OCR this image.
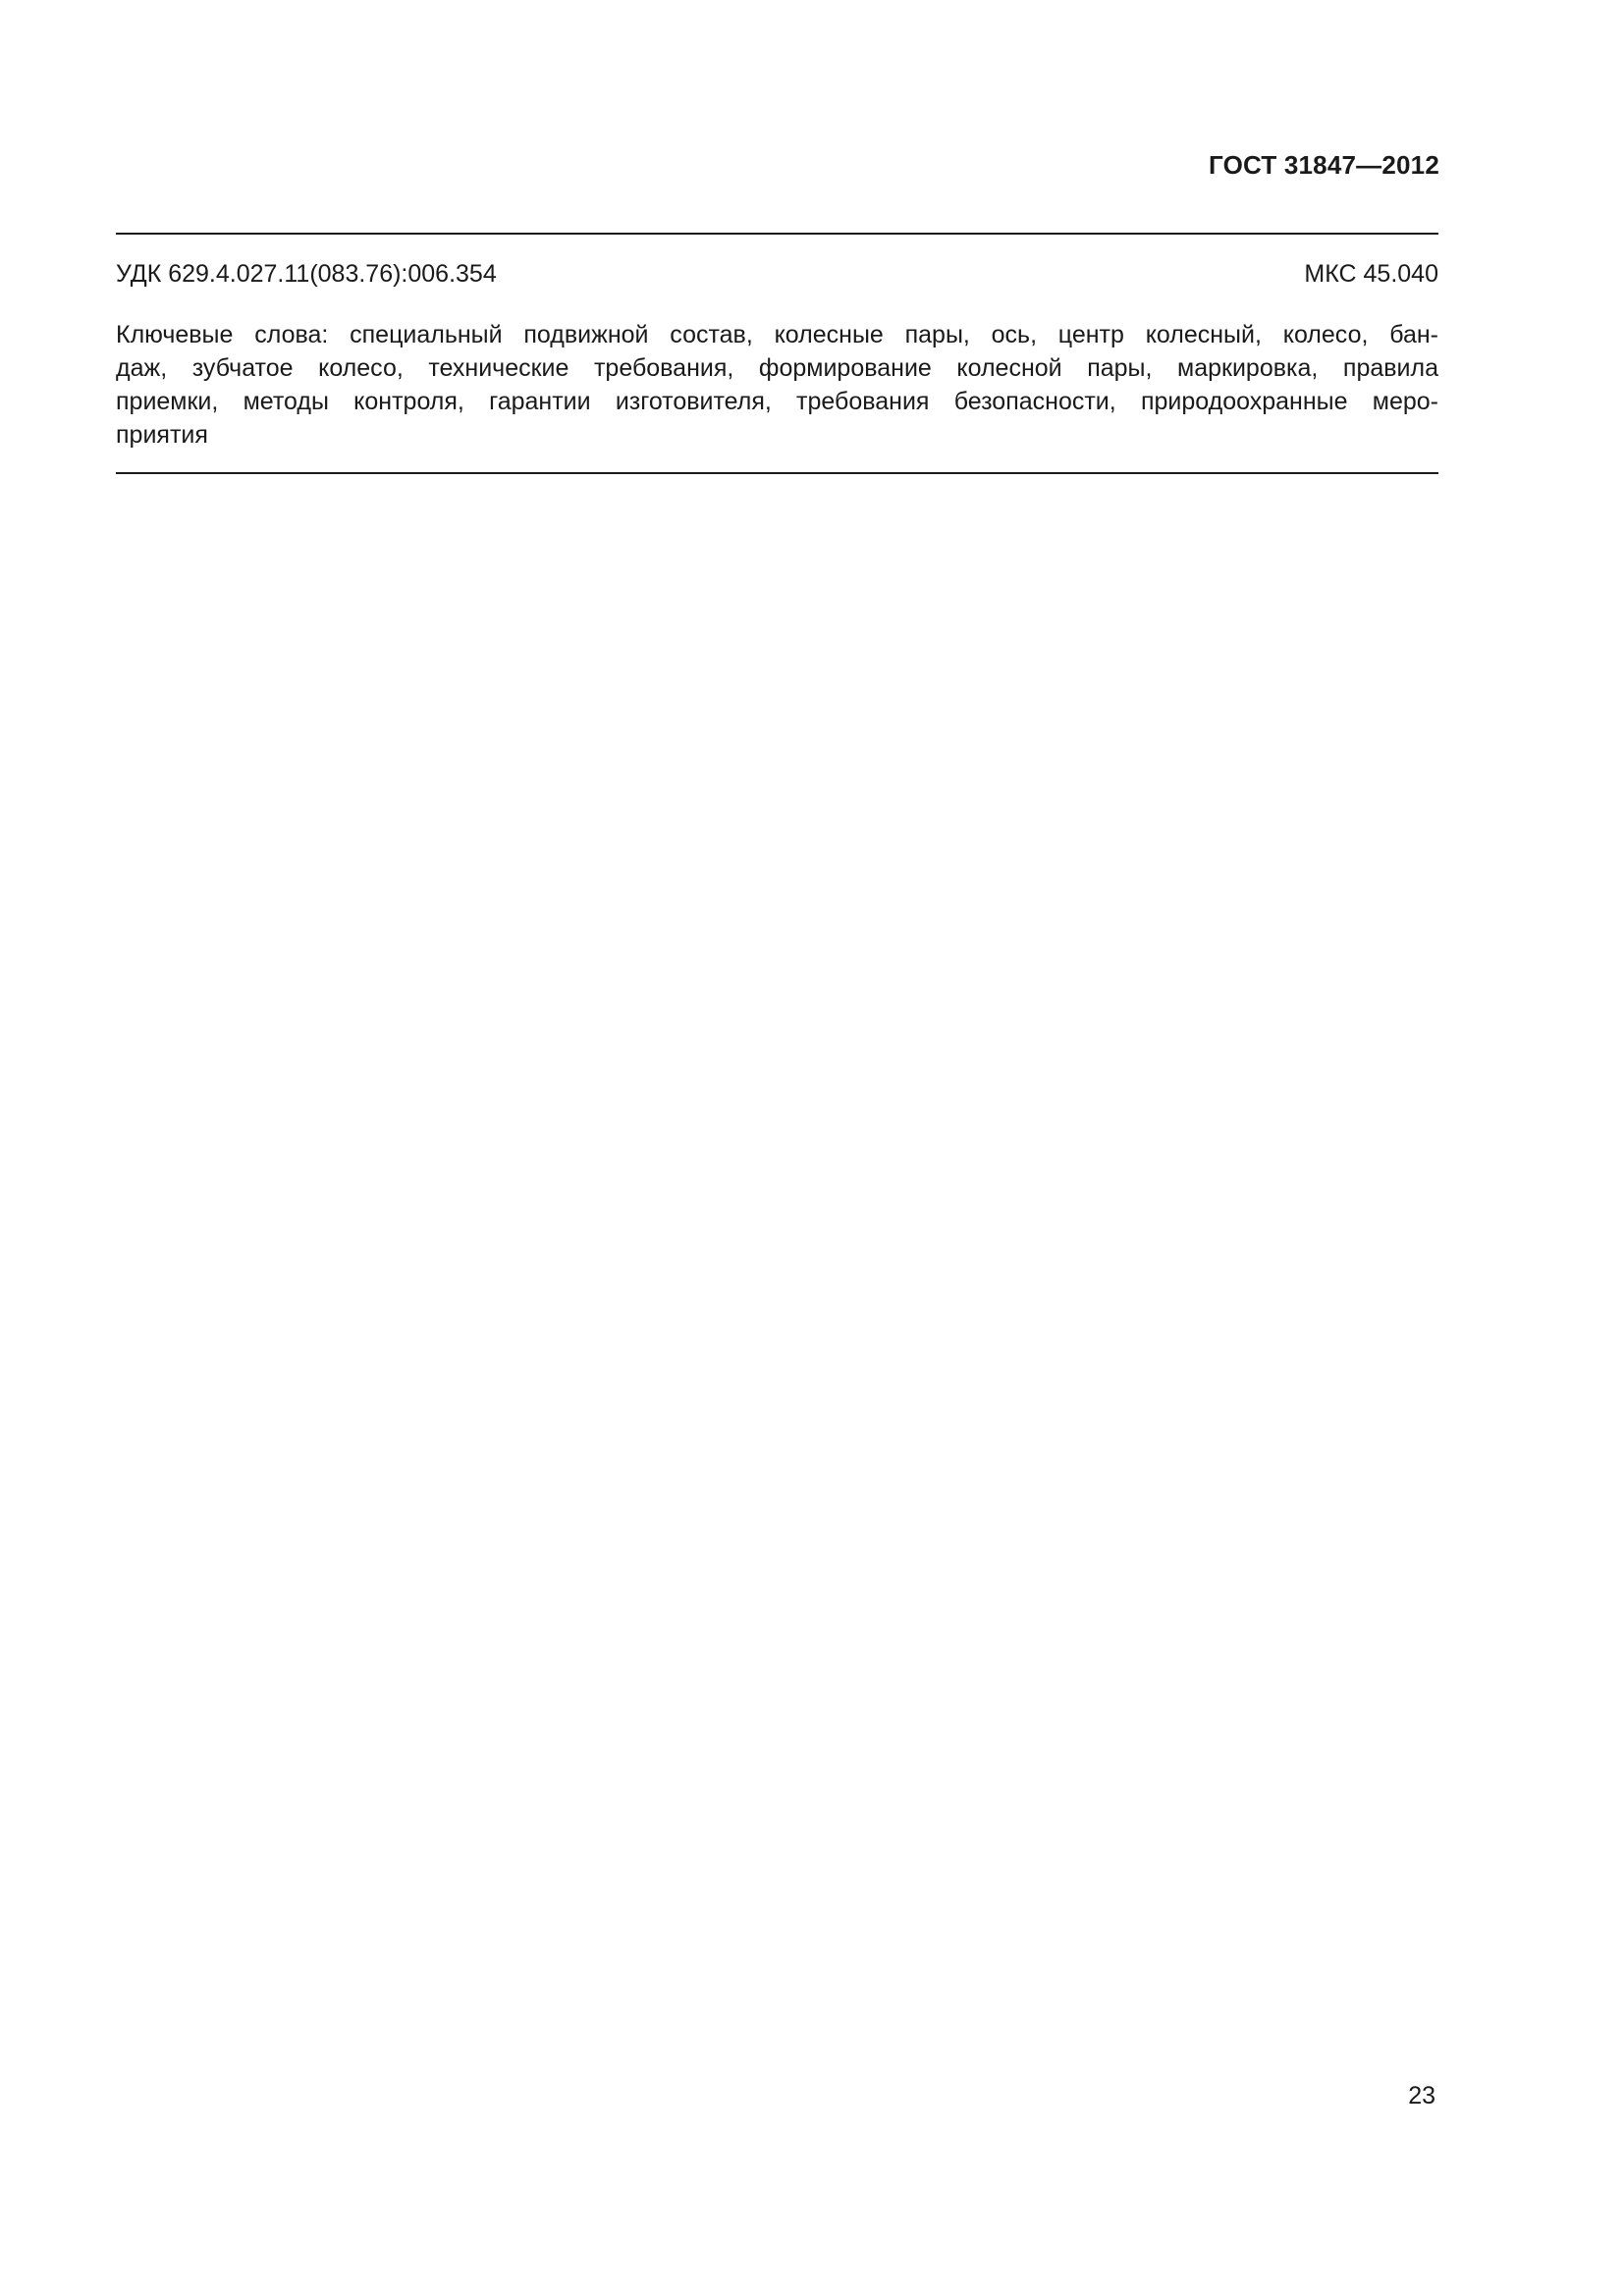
ГОСТ 31847—2012
УДК 629.4.027.11(083.76):006.354	МКС 45.040
Ключевые слова: специальный подвижной состав, колесные пары, ось, центр колесный, колесо, бан-
даж, зубчатое колесо, технические требования, формирование колесной пары, маркировка, правила
приемки, методы контроля, гарантии изготовителя, требования безопасности, природоохранные меро-
приятия
23
